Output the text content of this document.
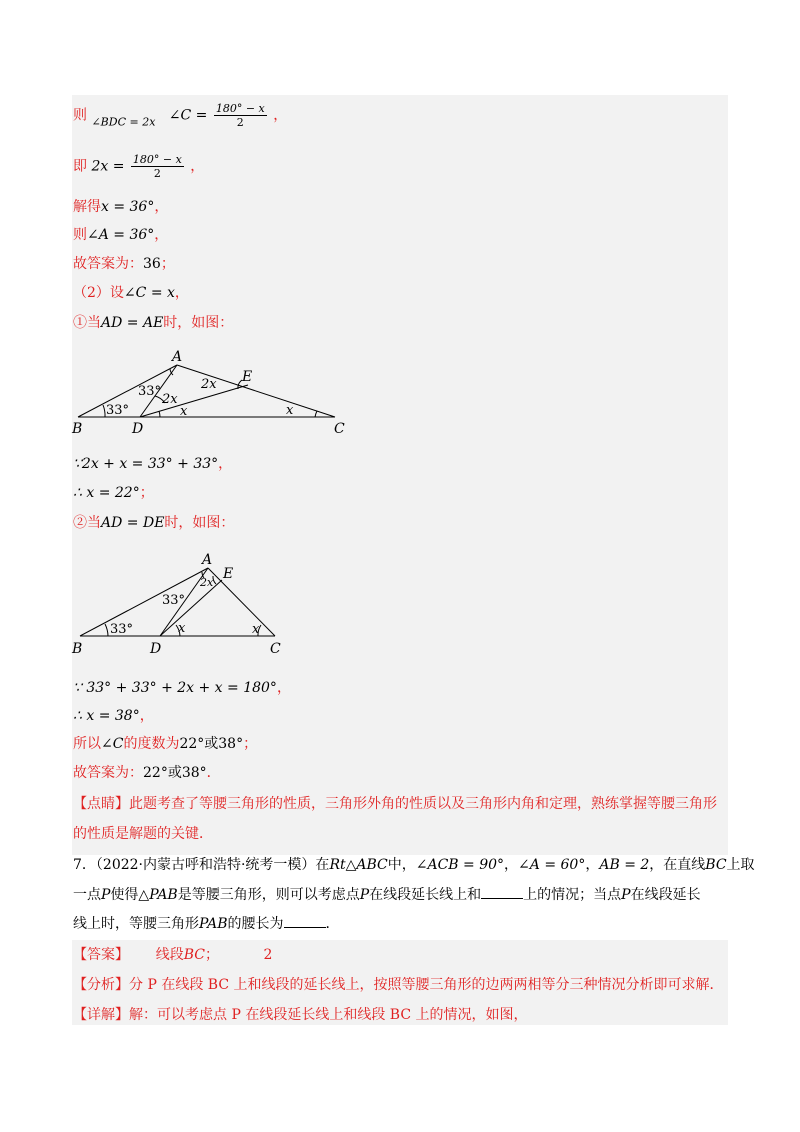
则 $_{\angle BDC = 2x}$ ∠C = $\frac{180^\circ - x}{2}$ ，
即 $2x = \frac{180^\circ - x}{2}$ ，
解得x = 36°，
则∠A = 36°，
故答案为：36；
（2）设∠C = x，
①当AD = AE时，如图：
A
B	C
D
E
33°
33°
2x
2x
x	x
∵2x + x = 33° + 33°，
∴ x = 22°；
②当AD = DE时，如图：
A
B	C
D
E
33°
33°
2x
x	x
∵ 33° + 33° + 2x + x = 180°，
∴ x = 38°，
所以∠C的度数为22°或38°；
故答案为：22°或38°．
【点睛】此题考查了等腰三角形的性质，三角形外角的性质以及三角形内角和定理，熟练掌握等腰三角形
的性质是解题的关键．
7．（2022·内蒙古呼和浩特·统考一模）在Rt△ABC中，∠ACB = 90°，∠A = 60°，AB = 2，在直线BC上取
一点P使得△PAB是等腰三角形，则可以考虑点P在线段延长线上和	上的情况；当点P在线段延长
线上时，等腰三角形PAB的腰长为	．
【答案】 线段BC；	2
【分析】分 P 在线段 BC 上和线段的延长线上，按照等腰三角形的边两两相等分三种情况分析即可求解．
【详解】解：可以考虑点 P 在线段延长线上和线段 BC 上的情况，如图，
